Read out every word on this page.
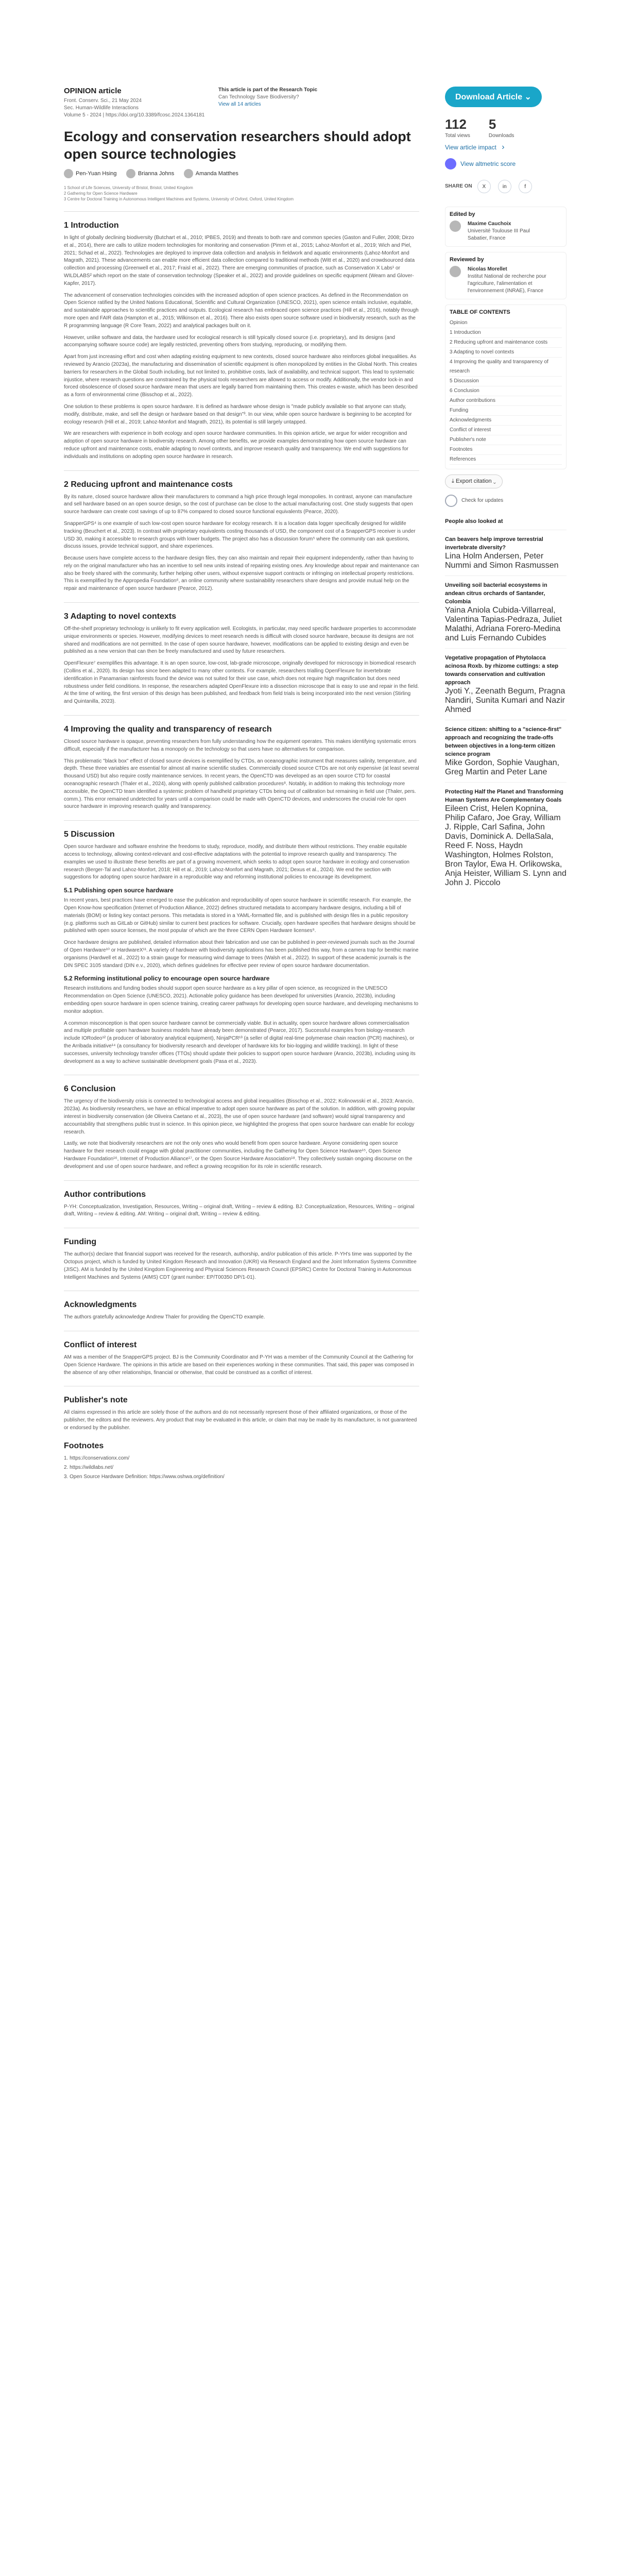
OPINION article
Front. Conserv. Sci., 21 May 2024
Sec. Human-Wildlife Interactions
Volume 5 - 2024 | https://doi.org/10.3389/fcosc.2024.1364181
This article is part of the Research Topic
Can Technology Save Biodiversity?
View all 14 articles
Ecology and conservation researchers should adopt open source technologies
Pen-Yuan Hsing
	Brianna Johns
	Amanda Matthes
1 School of Life Sciences, University of Bristol, Bristol, United Kingdom
2 Gathering for Open Science Hardware
3 Centre for Doctoral Training in Autonomous Intelligent Machines and Systems, University of Oxford, Oxford, United Kingdom
1 Introduction

In light of globally declining biodiversity (Butchart et al., 2010; IPBES, 2019) and threats to both rare and common species (Gaston and Fuller, 2008; Dirzo et al., 2014), there are calls to utilize modern technologies for monitoring and conservation (Pimm et al., 2015; Lahoz-Monfort et al., 2019; Wich and Piel, 2021; Schad et al., 2022). Technologies are deployed to improve data collection and analysis in fieldwork and aquatic environments (Lahoz-Monfort and Magrath, 2021). These advancements can enable more efficient data collection compared to traditional methods (Witt et al., 2020) and crowdsourced data collection and processing (Greenwell et al., 2017; Fraisl et al., 2022). There are emerging communities of practice, such as Conservation X Labs¹ or WILDLABS² which report on the state of conservation technology (Speaker et al., 2022) and provide guidelines on specific equipment (Wearn and Glover-Kapfer, 2017).

The advancement of conservation technologies coincides with the increased adoption of open science practices. As defined in the Recommendation on Open Science ratified by the United Nations Educational, Scientific and Cultural Organization (UNESCO, 2021), open science entails inclusive, equitable, and sustainable approaches to scientific practices and outputs. Ecological research has embraced open science practices (Hill et al., 2016), notably through more open and FAIR data (Hampton et al., 2015; Wilkinson et al., 2016). There also exists open source software used in biodiversity research, such as the R programming language (R Core Team, 2022) and analytical packages built on it.

However, unlike software and data, the hardware used for ecological research is still typically closed source (i.e. proprietary), and its designs (and accompanying software source code) are legally restricted, preventing others from studying, reproducing, or modifying them.

Apart from just increasing effort and cost when adapting existing equipment to new contexts, closed source hardware also reinforces global inequalities. As reviewed by Arancio (2023a), the manufacturing and dissemination of scientific equipment is often monopolized by entities in the Global North. This creates barriers for researchers in the Global South including, but not limited to, prohibitive costs, lack of availability, and technical support. This lead to systematic injustice, where research questions are constrained by the physical tools researchers are allowed to access or modify. Additionally, the vendor lock-in and forced obsolescence of closed source hardware mean that users are legally barred from maintaining them. This creates e-waste, which has been described as a form of environmental crime (Bisschop et al., 2022).

One solution to these problems is open source hardware. It is defined as hardware whose design is "made publicly available so that anyone can study, modify, distribute, make, and sell the design or hardware based on that design"³. In our view, while open source hardware is beginning to be accepted for ecology research (Hill et al., 2019; Lahoz-Monfort and Magrath, 2021), its potential is still largely untapped.

We are researchers with experience in both ecology and open source hardware communities. In this opinion article, we argue for wider recognition and adoption of open source hardware in biodiversity research. Among other benefits, we provide examples demonstrating how open source hardware can reduce upfront and maintenance costs, enable adapting to novel contexts, and improve research quality and transparency. We end with suggestions for individuals and institutions on adopting open source hardware in research.

2 Reducing upfront and maintenance costs

By its nature, closed source hardware allow their manufacturers to command a high price through legal monopolies. In contrast, anyone can manufacture and sell hardware based on an open source design, so the cost of purchase can be close to the actual manufacturing cost. One study suggests that open source hardware can create cost savings of up to 87% compared to closed source functional equivalents (Pearce, 2020).

SnapperGPS⁴ is one example of such low-cost open source hardware for ecology research. It is a location data logger specifically designed for wildlife tracking (Beuchert et al., 2023). In contrast with proprietary equivalents costing thousands of USD, the component cost of a SnapperGPS receiver is under USD 30, making it accessible to research groups with lower budgets. The project also has a discussion forum⁵ where the community can ask questions, discuss issues, provide technical support, and share experiences.

Because users have complete access to the hardware design files, they can also maintain and repair their equipment independently, rather than having to rely on the original manufacturer who has an incentive to sell new units instead of repairing existing ones. Any knowledge about repair and maintenance can also be freely shared with the community, further helping other users, without expensive support contracts or infringing on intellectual property restrictions. This is exemplified by the Appropedia Foundation⁶, an online community where sustainability researchers share designs and provide mutual help on the repair and maintenance of open source hardware (Pearce, 2012).

3 Adapting to novel contexts

Off-the-shelf proprietary technology is unlikely to fit every application well. Ecologists, in particular, may need specific hardware properties to accommodate unique environments or species. However, modifying devices to meet research needs is difficult with closed source hardware, because its designs are not shared and modifications are not permitted. In the case of open source hardware, however, modifications can be applied to existing design and even be published as a new version that can then be freely manufactured and used by future researchers.

OpenFlexure⁷ exemplifies this advantage. It is an open source, low-cost, lab-grade microscope, originally developed for microscopy in biomedical research (Collins et al., 2020). Its design has since been adapted to many other contexts. For example, researchers trialling OpenFlexure for invertebrate identification in Panamanian rainforests found the device was not suited for their use case, which does not require high magnification but does need robustness under field conditions. In response, the researchers adapted OpenFlexure into a dissection microscope that is easy to use and repair in the field. At the time of writing, the first version of this design has been published, and feedback from field trials is being incorporated into the next version (Stirling and Quintanilla, 2023).

4 Improving the quality and transparency of research

Closed source hardware is opaque, preventing researchers from fully understanding how the equipment operates. This makes identifying systematic errors difficult, especially if the manufacturer has a monopoly on the technology so that users have no alternatives for comparison.

This problematic "black box" effect of closed source devices is exemplified by CTDs, an oceanographic instrument that measures salinity, temperature, and depth. These three variables are essential for almost all marine scientific studies. Commercially closed source CTDs are not only expensive (at least several thousand USD) but also require costly maintenance services. In recent years, the OpenCTD was developed as an open source CTD for coastal oceanographic research (Thaler et al., 2024), along with openly published calibration procedures⁸. Notably, in addition to making this technology more accessible, the OpenCTD team identified a systemic problem of handheld proprietary CTDs being out of calibration but remaining in field use (Thaler, pers. comm.). This error remained undetected for years until a comparison could be made with OpenCTD devices, and underscores the crucial role for open source hardware in improving research quality and transparency.

5 Discussion

Open source hardware and software enshrine the freedoms to study, reproduce, modify, and distribute them without restrictions. They enable equitable access to technology, allowing context-relevant and cost-effective adaptations with the potential to improve research quality and transparency. The examples we used to illustrate these benefits are part of a growing movement, which seeks to adopt open source hardware in ecology and conservation research (Berger-Tal and Lahoz-Monfort, 2018; Hill et al., 2019; Lahoz-Monfort and Magrath, 2021; Dexus et al., 2024). We end the section with suggestions for adopting open source hardware in a reproducible way and reforming institutional policies to encourage its development.

5.1 Publishing open source hardware

In recent years, best practices have emerged to ease the publication and reproducibility of open source hardware in scientific research. For example, the Open Know-how specification (Internet of Production Alliance, 2022) defines structured metadata to accompany hardware designs, including a bill of materials (BOM) or listing key contact persons. This metadata is stored in a YAML-formatted file, and is published with design files in a public repository (e.g. platforms such as GitLab or GitHub) similar to current best practices for software. Crucially, open hardware specifies that hardware designs should be published with open source licenses, the most popular of which are the three CERN Open Hardware licenses⁹.

Once hardware designs are published, detailed information about their fabrication and use can be published in peer-reviewed journals such as the Journal of Open Hardware¹⁰ or HardwareX¹¹. A variety of hardware with biodiversity applications has been published this way, from a camera trap for benthic marine organisms (Hardwell et al., 2022) to a strain gauge for measuring wind damage to trees (Walsh et al., 2022). In support of these academic journals is the DIN SPEC 3105 standard (DIN e.v., 2020), which defines guidelines for effective peer review of open source hardware documentation.

5.2 Reforming institutional policy to encourage open source hardware

Research institutions and funding bodies should support open source hardware as a key pillar of open science, as recognized in the UNESCO Recommendation on Open Science (UNESCO, 2021). Actionable policy guidance has been developed for universities (Arancio, 2023b), including embedding open source hardware in open science training, creating career pathways for developing open source hardware, and developing mechanisms to monitor adoption.

A common misconception is that open source hardware cannot be commercially viable. But in actuality, open source hardware allows commercialisation and multiple profitable open hardware business models have already been demonstrated (Pearce, 2017). Successful examples from biology-research include IORodeo¹² (a producer of laboratory analytical equipment), NinjaPCR¹³ (a seller of digital real-time polymerase chain reaction (PCR) machines), or the Arribada initiative¹⁴ (a consultancy for biodiversity research and developer of hardware kits for bio-logging and wildlife tracking). In light of these successes, university technology transfer offices (TTOs) should update their policies to support open source hardware (Arancio, 2023b), including using its development as a way to achieve sustainable development goals (Pasa et al., 2023).

6 Conclusion

The urgency of the biodiversity crisis is connected to technological access and global inequalities (Bisschop et al., 2022; Kolinowsski et al., 2023; Arancio, 2023a). As biodiversity researchers, we have an ethical imperative to adopt open source hardware as part of the solution. In addition, with growing popular interest in biodiversity conservation (de Oliveira Caetano et al., 2023), the use of open source hardware (and software) would signal transparency and accountability that strengthens public trust in science. In this opinion piece, we highlighted the progress that open source hardware can enable for ecology research.

Lastly, we note that biodiversity researchers are not the only ones who would benefit from open source hardware. Anyone considering open source hardware for their research could engage with global practitioner communities, including the Gathering for Open Science Hardware¹⁵, Open Science Hardware Foundation¹⁶, Internet of Production Alliance¹⁷, or the Open Source Hardware Association¹⁸. They collectively sustain ongoing discourse on the development and use of open source hardware, and reflect a growing recognition for its role in scientific research.

Author contributions

P-YH: Conceptualization, Investigation, Resources, Writing – original draft, Writing – review & editing. BJ: Conceptualization, Resources, Writing – original draft, Writing – review & editing. AM: Writing – original draft, Writing – review & editing.

Funding

The author(s) declare that financial support was received for the research, authorship, and/or publication of this article. P-YH's time was supported by the Octopus project, which is funded by United Kingdom Research and Innovation (UKRI) via Research England and the Joint Information Systems Committee (JISC). AM is funded by the United Kingdom Engineering and Physical Sciences Research Council (EPSRC) Centre for Doctoral Training in Autonomous Intelligent Machines and Systems (AIMS) CDT (grant number: EP/T00350 DP/1-01).

Acknowledgments

The authors gratefully acknowledge Andrew Thaler for providing the OpenCTD example.

Conflict of interest

AM was a member of the SnapperGPS project. BJ is the Community Coordinator and P-YH was a member of the Community Council at the Gathering for Open Science Hardware. The opinions in this article are based on their experiences working in these communities. That said, this paper was composed in the absence of any other relationships, financial or otherwise, that could be construed as a conflict of interest.

Publisher's note

All claims expressed in this article are solely those of the authors and do not necessarily represent those of their affiliated organizations, or those of the publisher, the editors and the reviewers. Any product that may be evaluated in this article, or claim that may be made by its manufacturer, is not guaranteed or endorsed by the publisher.

Footnotes
1. https://conservationx.com/
2. https://wildlabs.net/
3. Open Source Hardware Definition: https://www.oshwa.org/definition/
Download Article ⌄
112
Total views
5
Downloads
View article impact ›
View altmetric score
SHARE ON	X	in	f
Edited by
Maxime Cauchoix
Université Toulouse III Paul
Sabatier, France
Reviewed by
Nicolas Morellet
Institut National de recherche pour
l'agriculture, l'alimentation et
l'environnement (INRAE), France
TABLE OF CONTENTS
Opinion
1 Introduction
2 Reducing upfront and maintenance costs
3 Adapting to novel contexts
4 Improving the quality and transparency of research
5 Discussion
6 Conclusion
Author contributions
Funding
Acknowledgments
Conflict of interest
Publisher's note
Footnotes
References
⤓ Export citation ⌄
Check for updates
People also looked at
Can beavers help improve terrestrial invertebrate diversity?
Lina Holm Andersen, Peter Nummi and Simon Rasmussen
Unveiling soil bacterial ecosystems in andean citrus orchards of Santander, Colombia
Yaina Aniola Cubida-Villarreal, Valentina Tapias-Pedraza, Juliet Malathi, Adriana Forero-Medina and Luis Fernando Cubides
Vegetative propagation of Phytolacca acinosa Roxb. by rhizome cuttings: a step towards conservation and cultivation approach
Jyoti Y., Zeenath Begum, Pragna Nandiri, Sunita Kumari and Nazir Ahmed
Science citizen: shifting to a "science-first" approach and recognizing the trade-offs between objectives in a long-term citizen science program
Mike Gordon, Sophie Vaughan, Greg Martin and Peter Lane
Protecting Half the Planet and Transforming Human Systems Are Complementary Goals
Eileen Crist, Helen Kopnina, Philip Cafaro, Joe Gray, William J. Ripple, Carl Safina, John Davis, Dominick A. DellaSala, Reed F. Noss, Haydn Washington, Holmes Rolston, Bron Taylor, Ewa H. Orlikowska, Anja Heister, William S. Lynn and John J. Piccolo
